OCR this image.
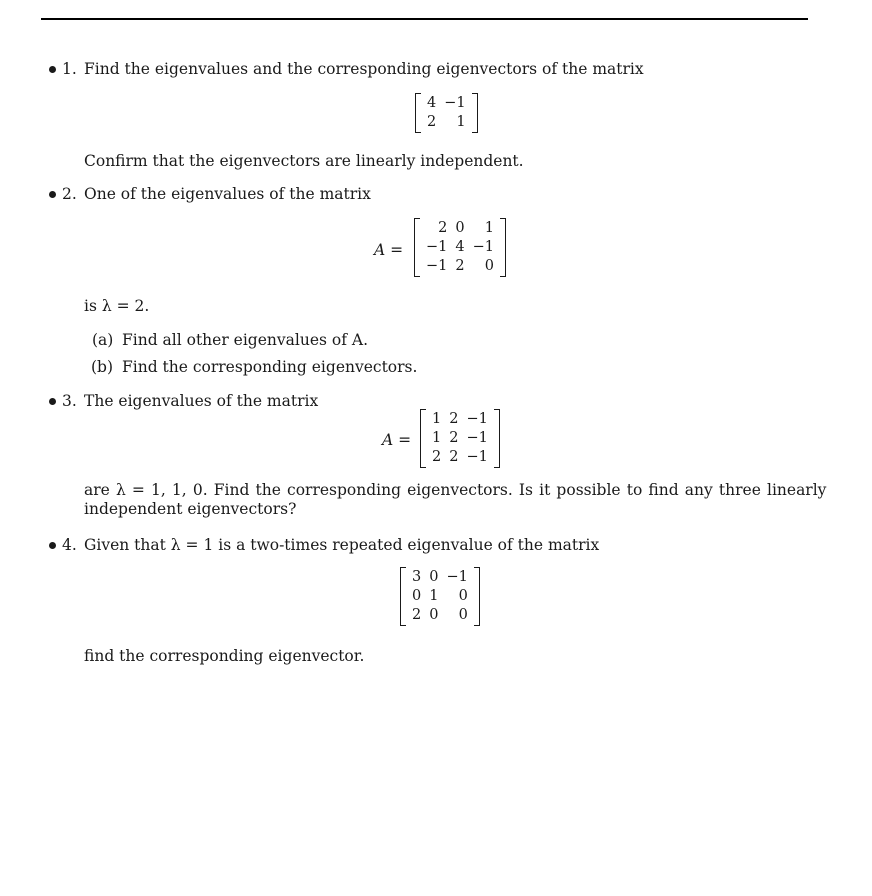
1. Find the eigenvalues and the corresponding eigenvectors of the matrix
4 −1
2	1
Confirm that the eigenvectors are linearly independent.
2. One of the eigenvalues of the matrix
A =
2 0	1
−1 4 −1
−1 2	0
is λ = 2.
(a) Find all other eigenvalues of A.
(b) Find the corresponding eigenvectors.
3. The eigenvalues of the matrix
A =
1 2 −1
1 2 −1
2 2 −1
are λ = 1, 1, 0. Find the corresponding eigenvectors. Is it possible to find any three linearly
independent eigenvectors?
4. Given that λ = 1 is a two-times repeated eigenvalue of the matrix
3 0 −1
0 1	0
2 0	0
find the corresponding eigenvector.
